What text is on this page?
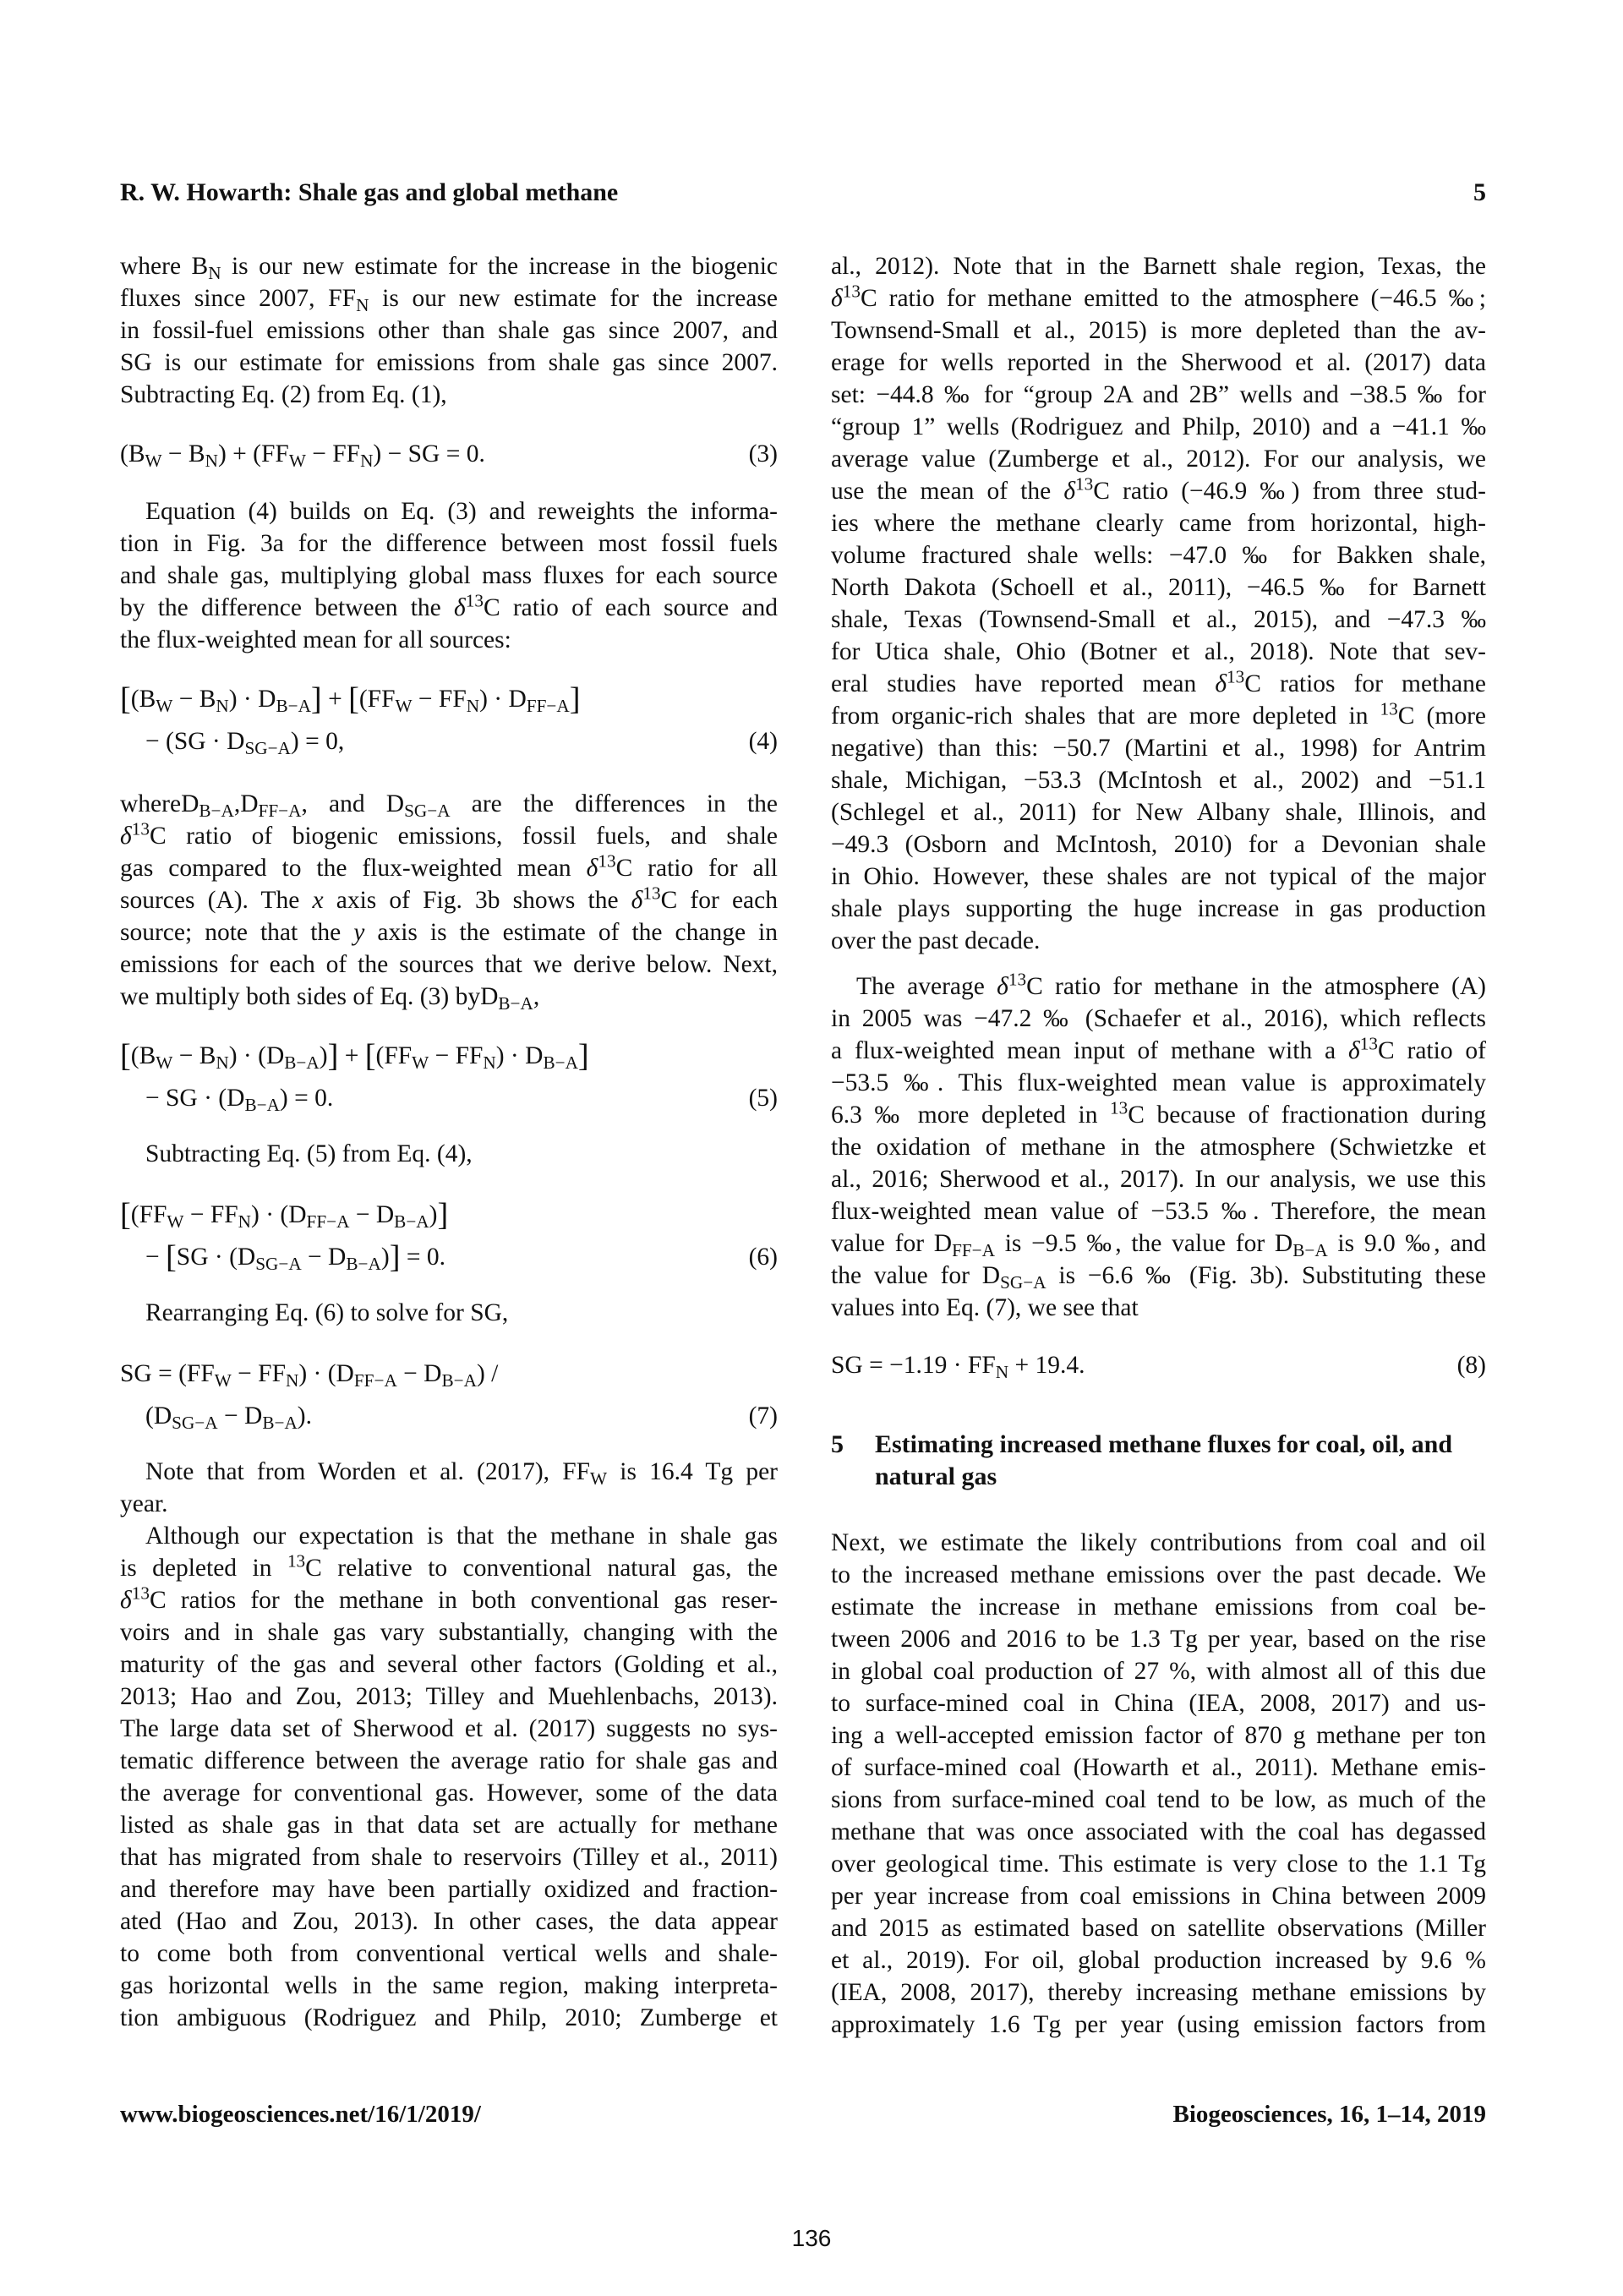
R. W. Howarth: Shale gas and global methane	5
where $B_N$ is our new estimate for the increase in the biogenic
fluxes since 2007, $FF_N$ is our new estimate for the increase
in fossil-fuel emissions other than shale gas since 2007, and
SG is our estimate for emissions from shale gas since 2007.
Subtracting Eq. (2) from Eq. (1),
$(B_W - B_N) + (FF_W - FF_N)$ − SG = 0.	(3)
Equation (4) builds on Eq. (3) and reweights the informa-
tion in Fig. 3a for the difference between most fossil fuels
and shale gas, multiplying global mass fluxes for each source
by the difference between the $\delta^{13}C$ ratio of each source and
the flux-weighted mean for all sources:
$[(B_W - B_N) \cdot D_{B-A}] + [(FF_W - FF_N) \cdot D_{FF-A}]$
− $(SG \cdot D_{SG-A}) = 0$,	(4)
$whereD_{B-A},D_{FF-A}$, and $D_{SG-A}$ are the differences in the
$\delta^{13}C$ ratio of biogenic emissions, fossil fuels, and shale
gas compared to the flux-weighted mean $\delta^{13}C$ ratio for all
sources (A). The x axis of Fig. 3b shows the $\delta^{13}C$ for each
source; note that the y axis is the estimate of the change in
emissions for each of the sources that we derive below. Next,
we multiply both sides of Eq. (3) byD$_{B-A}$,
$[(B_W - B_N) \cdot (D_{B-A})] + [(FF_W - FF_N) \cdot D_{B-A}]$
− SG · $(D_{B-A}) = 0$.	(5)
Subtracting Eq. (5) from Eq. (4),
$[(FF_W - FF_N) \cdot (D_{FF-A} - D_{B-A})]$
− $[SG \cdot (D_{SG-A} - D_{B-A})] = 0$.	(6)
Rearranging Eq. (6) to solve for SG,
SG = $(FF_W - FF_N) \cdot (D_{FF-A} - D_{B-A})$ /
$(D_{SG-A} - D_{B-A})$.	(7)
Note that from Worden et al. (2017), $FF_W$ is 16.4 Tg per
year.
Although our expectation is that the methane in shale gas
is depleted in $^{13}$C relative to conventional natural gas, the
$\delta^{13}C$ ratios for the methane in both conventional gas reser-
voirs and in shale gas vary substantially, changing with the
maturity of the gas and several other factors (Golding et al.,
2013; Hao and Zou, 2013; Tilley and Muehlenbachs, 2013).
The large data set of Sherwood et al. (2017) suggests no sys-
tematic difference between the average ratio for shale gas and
the average for conventional gas. However, some of the data
listed as shale gas in that data set are actually for methane
that has migrated from shale to reservoirs (Tilley et al., 2011)
and therefore may have been partially oxidized and fraction-
ated (Hao and Zou, 2013). In other cases, the data appear
to come both from conventional vertical wells and shale-
gas horizontal wells in the same region, making interpreta-
tion ambiguous (Rodriguez and Philp, 2010; Zumberge et
5	Estimating increased methane fluxes for coal, oil, and
natural gas
al., 2012). Note that in the Barnett shale region, Texas, the
$\delta^{13}C$ ratio for methane emitted to the atmosphere (−46.5 ‰;
Townsend-Small et al., 2015) is more depleted than the av-
erage for wells reported in the Sherwood et al. (2017) data
set: −44.8 ‰ for “group 2A and 2B” wells and −38.5 ‰ for
“group 1” wells (Rodriguez and Philp, 2010) and a −41.1 ‰
average value (Zumberge et al., 2012). For our analysis, we
use the mean of the $\delta^{13}C$ ratio (−46.9 ‰) from three stud-
ies where the methane clearly came from horizontal, high-
volume fractured shale wells: −47.0 ‰ for Bakken shale,
North Dakota (Schoell et al., 2011), −46.5 ‰ for Barnett
shale, Texas (Townsend-Small et al., 2015), and −47.3 ‰
for Utica shale, Ohio (Botner et al., 2018). Note that sev-
eral studies have reported mean $\delta^{13}C$ ratios for methane
from organic-rich shales that are more depleted in $^{13}$C (more
negative) than this: −50.7 (Martini et al., 1998) for Antrim
shale, Michigan, −53.3 (McIntosh et al., 2002) and −51.1
(Schlegel et al., 2011) for New Albany shale, Illinois, and
−49.3 (Osborn and McIntosh, 2010) for a Devonian shale
in Ohio. However, these shales are not typical of the major
shale plays supporting the huge increase in gas production
over the past decade.
The average $\delta^{13}C$ ratio for methane in the atmosphere (A)
in 2005 was −47.2 ‰ (Schaefer et al., 2016), which reflects
a flux-weighted mean input of methane with a $\delta^{13}C$ ratio of
−53.5 ‰. This flux-weighted mean value is approximately
6.3 ‰ more depleted in $^{13}$C because of fractionation during
the oxidation of methane in the atmosphere (Schwietzke et
al., 2016; Sherwood et al., 2017). In our analysis, we use this
flux-weighted mean value of −53.5 ‰. Therefore, the mean
value for $D_{FF-A}$ is −9.5 ‰, the value for $D_{B-A}$ is 9.0 ‰, and
the value for $D_{SG-A}$ is −6.6 ‰ (Fig. 3b). Substituting these
values into Eq. (7), we see that
SG = $-1.19 \cdot FF_N + 19.4$.	(8)
Next, we estimate the likely contributions from coal and oil
to the increased methane emissions over the past decade. We
estimate the increase in methane emissions from coal be-
tween 2006 and 2016 to be 1.3 Tg per year, based on the rise
in global coal production of 27 %, with almost all of this due
to surface-mined coal in China (IEA, 2008, 2017) and us-
ing a well-accepted emission factor of 870 g methane per ton
of surface-mined coal (Howarth et al., 2011). Methane emis-
sions from surface-mined coal tend to be low, as much of the
methane that was once associated with the coal has degassed
over geological time. This estimate is very close to the 1.1 Tg
per year increase from coal emissions in China between 2009
and 2015 as estimated based on satellite observations (Miller
et al., 2019). For oil, global production increased by 9.6 %
(IEA, 2008, 2017), thereby increasing methane emissions by
approximately 1.6 Tg per year (using emission factors from
www.biogeosciences.net/16/1/2019/	Biogeosciences, 16, 1–14, 2019
136
